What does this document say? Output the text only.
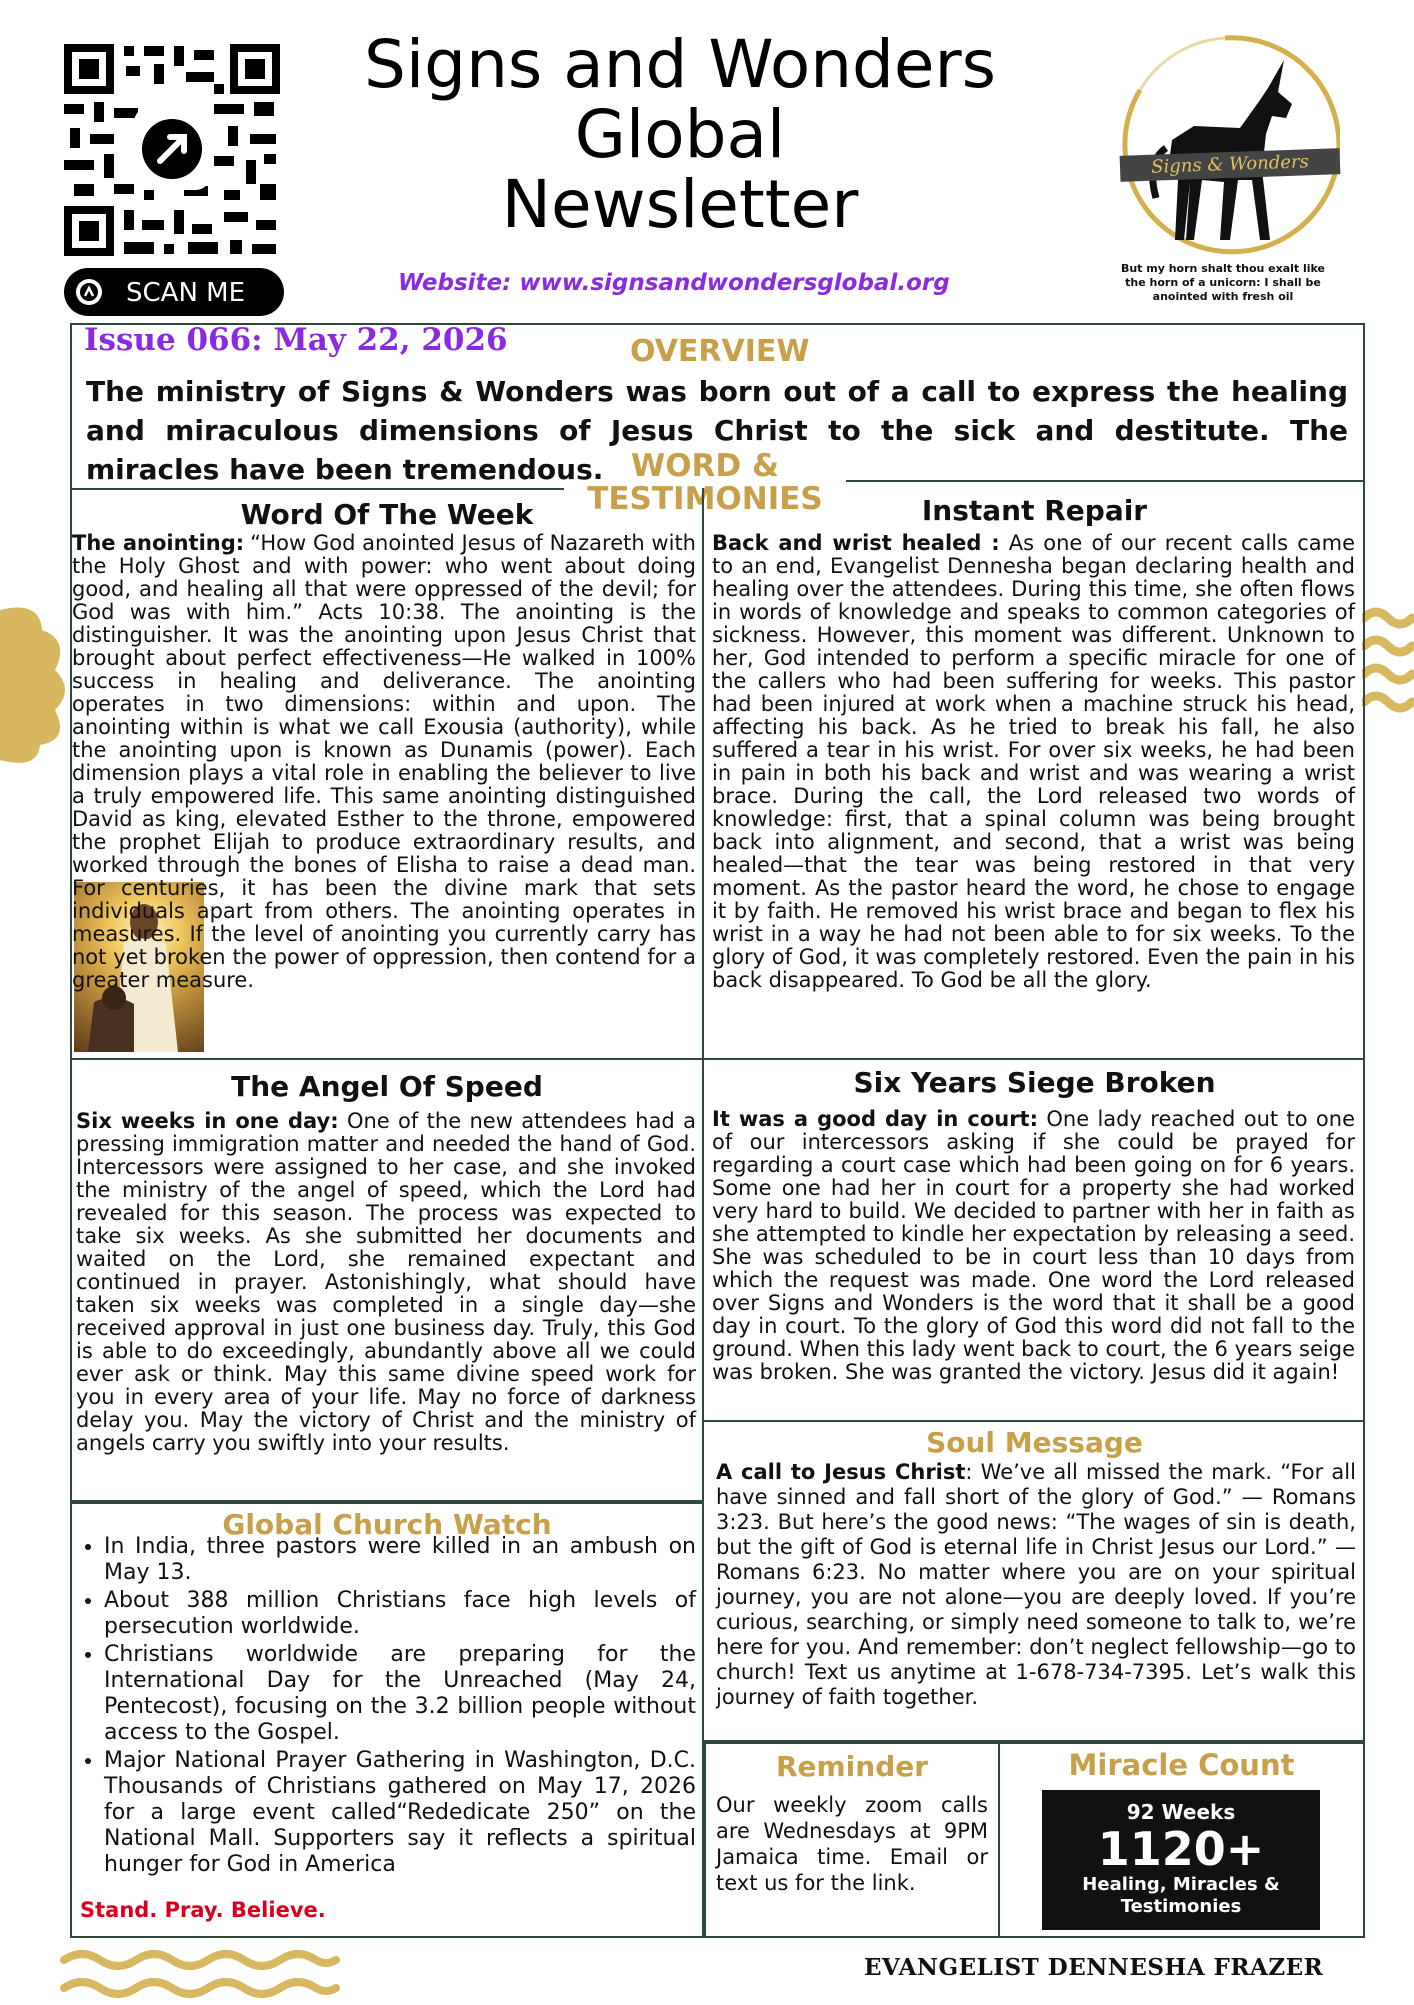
SCAN ME
Signs and Wonders
Global
Newsletter
Website: www.signsandwondersglobal.org
Signs & Wonders
But my horn shalt thou exalt like the horn of a unicorn: I shall be anointed with fresh oil
Issue 066: May 22, 2026	OVERVIEW
The ministry of Signs & Wonders was born out of a call to express the healing and miraculous dimensions of Jesus Christ to the sick and destitute. The miracles have been tremendous. WORD &
TESTIMONIES
Word Of The Week
The anointing: “How God anointed Jesus of Nazareth with the Holy Ghost and with power: who went about doing good, and healing all that were oppressed of the devil; for God was with him.” Acts 10:38. The anointing is the distinguisher. It was the anointing upon Jesus Christ that brought about perfect effectiveness—He walked in 100% success in healing and deliverance. The anointing operates in two dimensions: within and upon. The anointing within is what we call Exousia (authority), while the anointing upon is known as Dunamis (power). Each dimension plays a vital role in enabling the believer to live a truly empowered life. This same anointing distinguished David as king, elevated Esther to the throne, empowered the prophet Elijah to produce extraordinary results, and worked through the bones of Elisha to raise a dead man. For centuries, it has been the divine mark that sets individuals apart from others. The anointing operates in measures. If the level of anointing you currently carry has not yet broken the power of oppression, then contend for a greater measure.
Instant Repair
Back and wrist healed : As one of our recent calls came to an end, Evangelist Dennesha began declaring health and healing over the attendees. During this time, she often flows in words of knowledge and speaks to common categories of sickness. However, this moment was different. Unknown to her, God intended to perform a specific miracle for one of the callers who had been suffering for weeks. This pastor had been injured at work when a machine struck his head, affecting his back. As he tried to break his fall, he also suffered a tear in his wrist. For over six weeks, he had been in pain in both his back and wrist and was wearing a wrist brace. During the call, the Lord released two words of knowledge: first, that a spinal column was being brought back into alignment, and second, that a wrist was being healed—that the tear was being restored in that very moment. As the pastor heard the word, he chose to engage it by faith. He removed his wrist brace and began to flex his wrist in a way he had not been able to for six weeks. To the glory of God, it was completely restored. Even the pain in his back disappeared. To God be all the glory.
The Angel Of Speed
Six weeks in one day: One of the new attendees had a pressing immigration matter and needed the hand of God. Intercessors were assigned to her case, and she invoked the ministry of the angel of speed, which the Lord had revealed for this season. The process was expected to take six weeks. As she submitted her documents and waited on the Lord, she remained expectant and continued in prayer. Astonishingly, what should have taken six weeks was completed in a single day—she received approval in just one business day. Truly, this God is able to do exceedingly, abundantly above all we could ever ask or think. May this same divine speed work for you in every area of your life. May no force of darkness delay you. May the victory of Christ and the ministry of angels carry you swiftly into your results.
Six Years Siege Broken
It was a good day in court: One lady reached out to one of our intercessors asking if she could be prayed for regarding a court case which had been going on for 6 years. Some one had her in court for a property she had worked very hard to build. We decided to partner with her in faith as she attempted to kindle her expectation by releasing a seed. She was scheduled to be in court less than 10 days from which the request was made. One word the Lord released over Signs and Wonders is the word that it shall be a good day in court. To the glory of God this word did not fall to the ground. When this lady went back to court, the 6 years seige was broken. She was granted the victory. Jesus did it again!
Global Church Watch
• In India, three pastors were killed in an ambush on May 13.
• About 388 million Christians face high levels of persecution worldwide.
• Christians worldwide are preparing for the International Day for the Unreached (May 24, Pentecost), focusing on the 3.2 billion people without access to the Gospel.
• Major National Prayer Gathering in Washington, D.C. Thousands of Christians gathered on May 17, 2026 for a large event called“Rededicate 250” on the National Mall. Supporters say it reflects a spiritual hunger for God in America
Stand. Pray. Believe.
Soul Message
A call to Jesus Christ: We’ve all missed the mark. “For all have sinned and fall short of the glory of God.” — Romans 3:23. But here’s the good news: “The wages of sin is death, but the gift of God is eternal life in Christ Jesus our Lord.” — Romans 6:23. No matter where you are on your spiritual journey, you are not alone—you are deeply loved. If you’re curious, searching, or simply need someone to talk to, we’re here for you. And remember: don’t neglect fellowship—go to church! Text us anytime at 1-678-734-7395. Let’s walk this journey of faith together.
Reminder
Our weekly zoom calls are Wednesdays at 9PM Jamaica time. Email or text us for the link.
Miracle Count
92 Weeks
1120+
Healing, Miracles & Testimonies
EVANGELIST DENNESHA FRAZER
